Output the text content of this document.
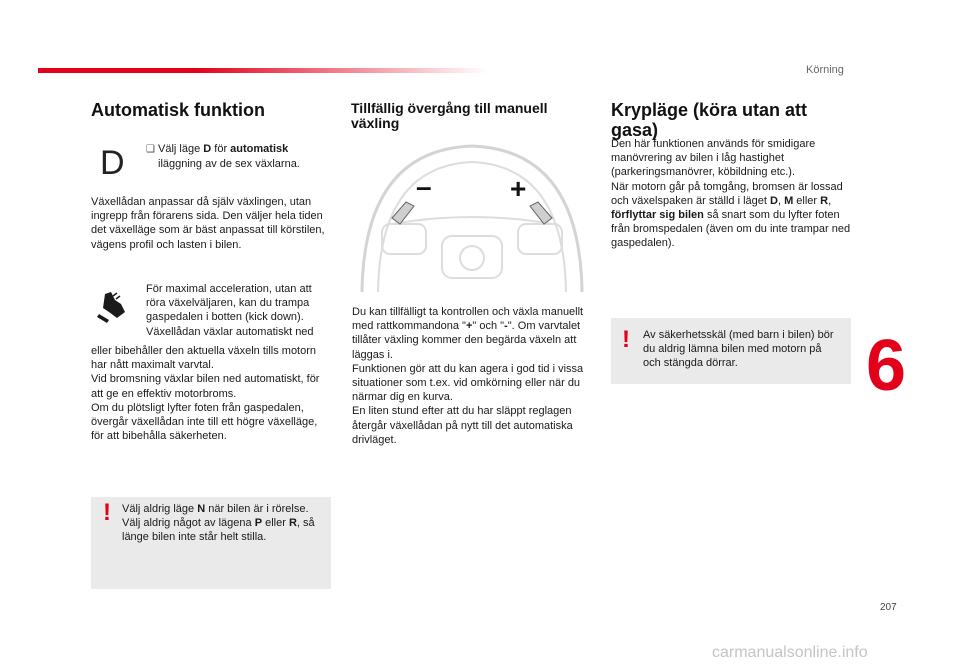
Körning
6
207
carmanualsonline.info
Automatisk funktion
D ❑ Välj läge D för automatisk
iläggning av de sex växlarna.
Växellådan anpassar då själv växlingen, utan ingrepp från förarens sida. Den väljer hela tiden det växelläge som är bäst anpassat till körstilen, vägens profil och lasten i bilen.
För maximal acceleration, utan att röra växelväljaren, kan du trampa gaspedalen i botten (kick down). Växellådan växlar automatiskt ned

eller bibehåller den aktuella växeln tills motorn har nått maximalt varvtal.

Vid bromsning växlar bilen ned automatiskt, för att ge en effektiv motorbroms.

Om du plötsligt lyfter foten från gaspedalen, övergår växellådan inte till ett högre växelläge, för att bibehålla säkerheten.

! Välj aldrig läge N när bilen är i rörelse.

Välj aldrig något av lägena P eller R, så länge bilen inte står helt stilla.

Tillfällig övergång till manuell växling
–	+

Du kan tillfälligt ta kontrollen och växla manuellt med rattkommandona "+" och "-". Om varvtalet tillåter växling kommer den begärda växeln att läggas i.

Funktionen gör att du kan agera i god tid i vissa situationer som t.ex. vid omkörning eller när du närmar dig en kurva.

En liten stund efter att du har släppt reglagen återgår växellådan på nytt till det automatiska drivläget.

Krypläge (köra utan att gasa)

Den här funktionen används för smidigare manövrering av bilen i låg hastighet (parkeringsmanövrer, köbildning etc.).

När motorn går på tomgång, bromsen är lossad och växelspaken är ställd i läget D, M eller R, förflyttar sig bilen så snart som du lyfter foten från bromspedalen (även om du inte trampar ned gaspedalen).

! Av säkerhetsskäl (med barn i bilen) bör du aldrig lämna bilen med motorn på och stängda dörrar.
